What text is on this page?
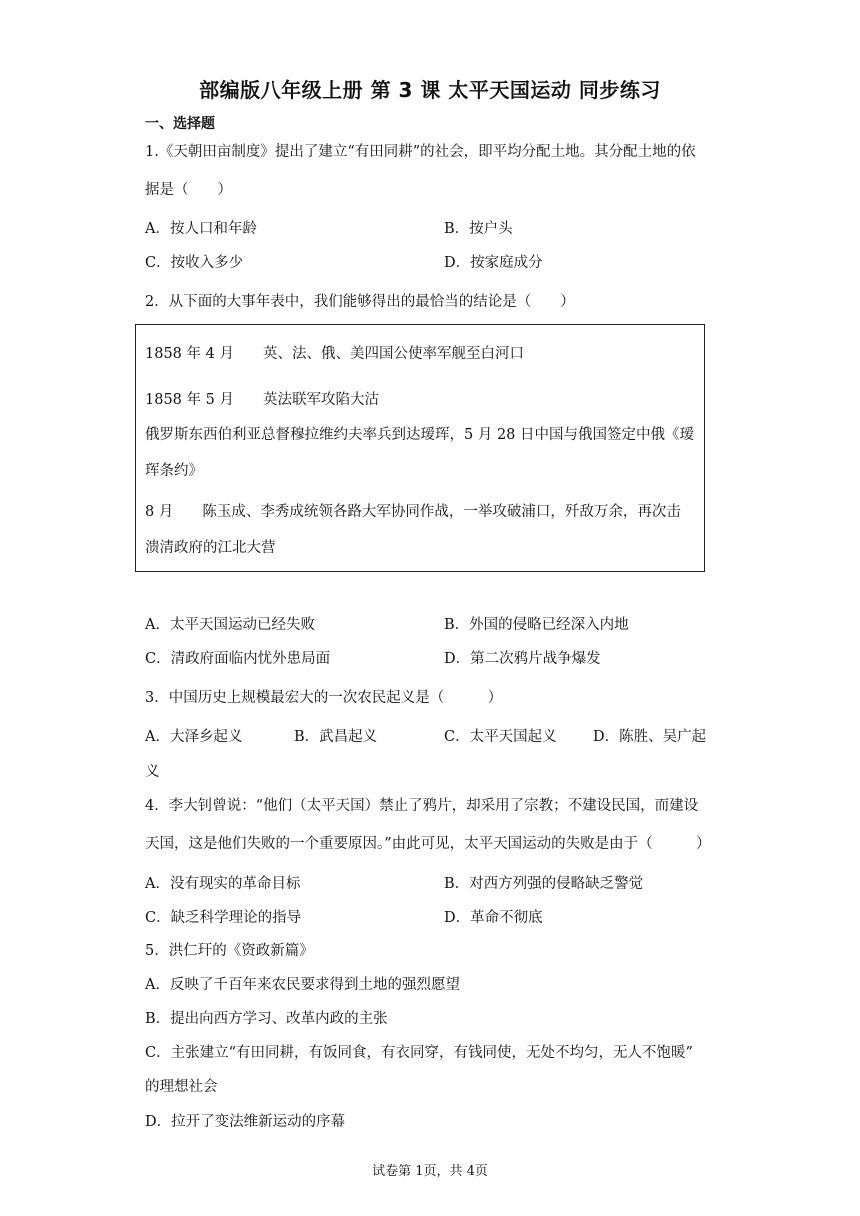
部编版八年级上册 第 3 课 太平天国运动 同步练习
一、选择题
1.《天朝田亩制度》提出了建立“有田同耕”的社会，即平均分配土地。其分配土地的依
据是（　　）
A．按人口和年龄	B．按户头
C．按收入多少	D．按家庭成分
2．从下面的大事年表中，我们能够得出的最恰当的结论是（　　）
1858 年 4 月　　英、法、俄、美四国公使率军舰至白河口
1858 年 5 月　　英法联军攻陷大沽
俄罗斯东西伯利亚总督穆拉维约夫率兵到达瑷珲，5 月 28 日中国与俄国签定中俄《瑷
珲条约》
8 月　　陈玉成、李秀成统领各路大军协同作战，一举攻破浦口，歼敌万余，再次击
溃清政府的江北大营
A．太平天国运动已经失败	B．外国的侵略已经深入内地
C．清政府面临内忧外患局面	D．第二次鸦片战争爆发
3．中国历史上规模最宏大的一次农民起义是（　　　）
A．大泽乡起义	B．武昌起义	C．太平天国起义	D．陈胜、吴广起
义
4．李大钊曾说：“他们（太平天国）禁止了鸦片，却采用了宗教；不建设民国，而建设
天国，这是他们失败的一个重要原因。”由此可见，太平天国运动的失败是由于（　　　）
A．没有现实的革命目标	B．对西方列强的侵略缺乏警觉
C．缺乏科学理论的指导	D．革命不彻底
5．洪仁玕的《资政新篇》
A．反映了千百年来农民要求得到土地的强烈愿望
B．提出向西方学习、改革内政的主张
C．主张建立“有田同耕，有饭同食，有衣同穿，有钱同使，无处不均匀，无人不饱暖”
的理想社会
D．拉开了变法维新运动的序幕
试卷第 1页，共 4页
